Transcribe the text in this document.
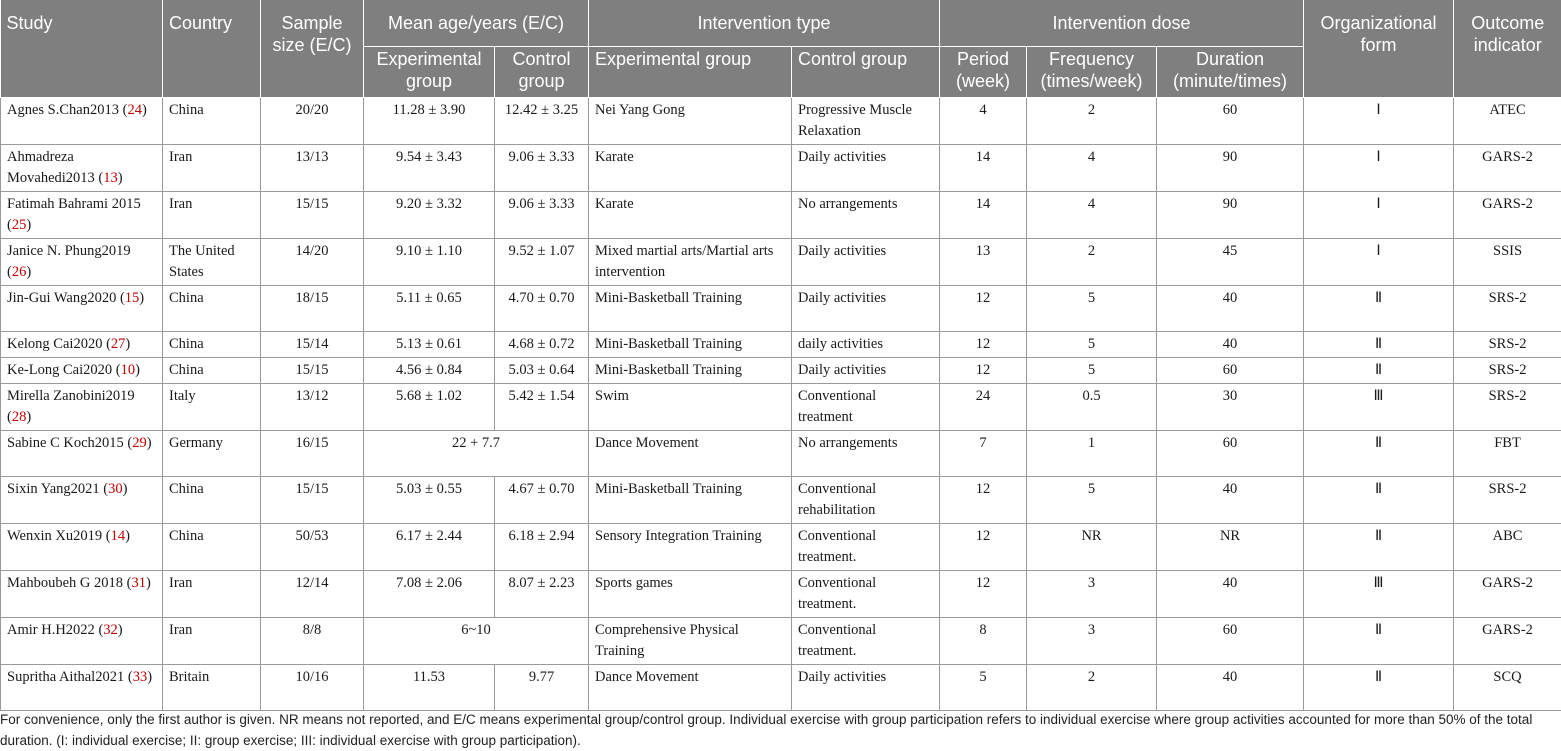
Study	Country	Sample size (E/C)	Mean age/years (E/C)		Intervention type		Intervention dose			Organizational form	Outcome indicator
			Experimental group	Control group	Experimental group	Control group	Period (week)	Frequency (times/week)	Duration (minute/times)		
Agnes S.Chan2013 (24)	China	20/20	11.28 ± 3.90	12.42 ± 3.25	Nei Yang Gong	Progressive Muscle Relaxation	4	2	60	Ⅰ	ATEC
Ahmadreza Movahedi2013 (13)	Iran	13/13	9.54 ± 3.43	9.06 ± 3.33	Karate	Daily activities	14	4	90	Ⅰ	GARS-2
Fatimah Bahrami 2015 (25)	Iran	15/15	9.20 ± 3.32	9.06 ± 3.33	Karate	No arrangements	14	4	90	Ⅰ	GARS-2
Janice N. Phung2019 (26)	The United States	14/20	9.10 ± 1.10	9.52 ± 1.07	Mixed martial arts/Martial arts intervention	Daily activities	13	2	45	Ⅰ	SSIS
Jin-Gui Wang2020 (15)	China	18/15	5.11 ± 0.65	4.70 ± 0.70	Mini-Basketball Training	Daily activities	12	5	40	Ⅱ	SRS-2
Kelong Cai2020 (27)	China	15/14	5.13 ± 0.61	4.68 ± 0.72	Mini-Basketball Training	daily activities	12	5	40	Ⅱ	SRS-2
Ke-Long Cai2020 (10)	China	15/15	4.56 ± 0.84	5.03 ± 0.64	Mini-Basketball Training	Daily activities	12	5	60	Ⅱ	SRS-2
Mirella Zanobini2019 (28)	Italy	13/12	5.68 ± 1.02	5.42 ± 1.54	Swim	Conventional treatment	24	0.5	30	Ⅲ	SRS-2
Sabine C Koch2015 (29)	Germany	16/15	22 + 7.7		Dance Movement	No arrangements	7	1	60	Ⅱ	FBT
Sixin Yang2021 (30)	China	15/15	5.03 ± 0.55	4.67 ± 0.70	Mini-Basketball Training	Conventional rehabilitation	12	5	40	Ⅱ	SRS-2
Wenxin Xu2019 (14)	China	50/53	6.17 ± 2.44	6.18 ± 2.94	Sensory Integration Training	Conventional treatment.	12	NR	NR	Ⅱ	ABC
Mahboubeh G 2018 (31)	Iran	12/14	7.08 ± 2.06	8.07 ± 2.23	Sports games	Conventional treatment.	12	3	40	Ⅲ	GARS-2
Amir H.H2022 (32)	Iran	8/8	6~10		Comprehensive Physical Training	Conventional treatment.	8	3	60	Ⅱ	GARS-2
Supritha Aithal2021 (33)	Britain	10/16	11.53	9.77	Dance Movement	Daily activities	5	2	40	Ⅱ	SCQ
For convenience, only the first author is given. NR means not reported, and E/C means experimental group/control group. Individual exercise with group participation refers to individual exercise where group activities accounted for more than 50% of the total duration. (I: individual exercise; II: group exercise; III: individual exercise with group participation).
